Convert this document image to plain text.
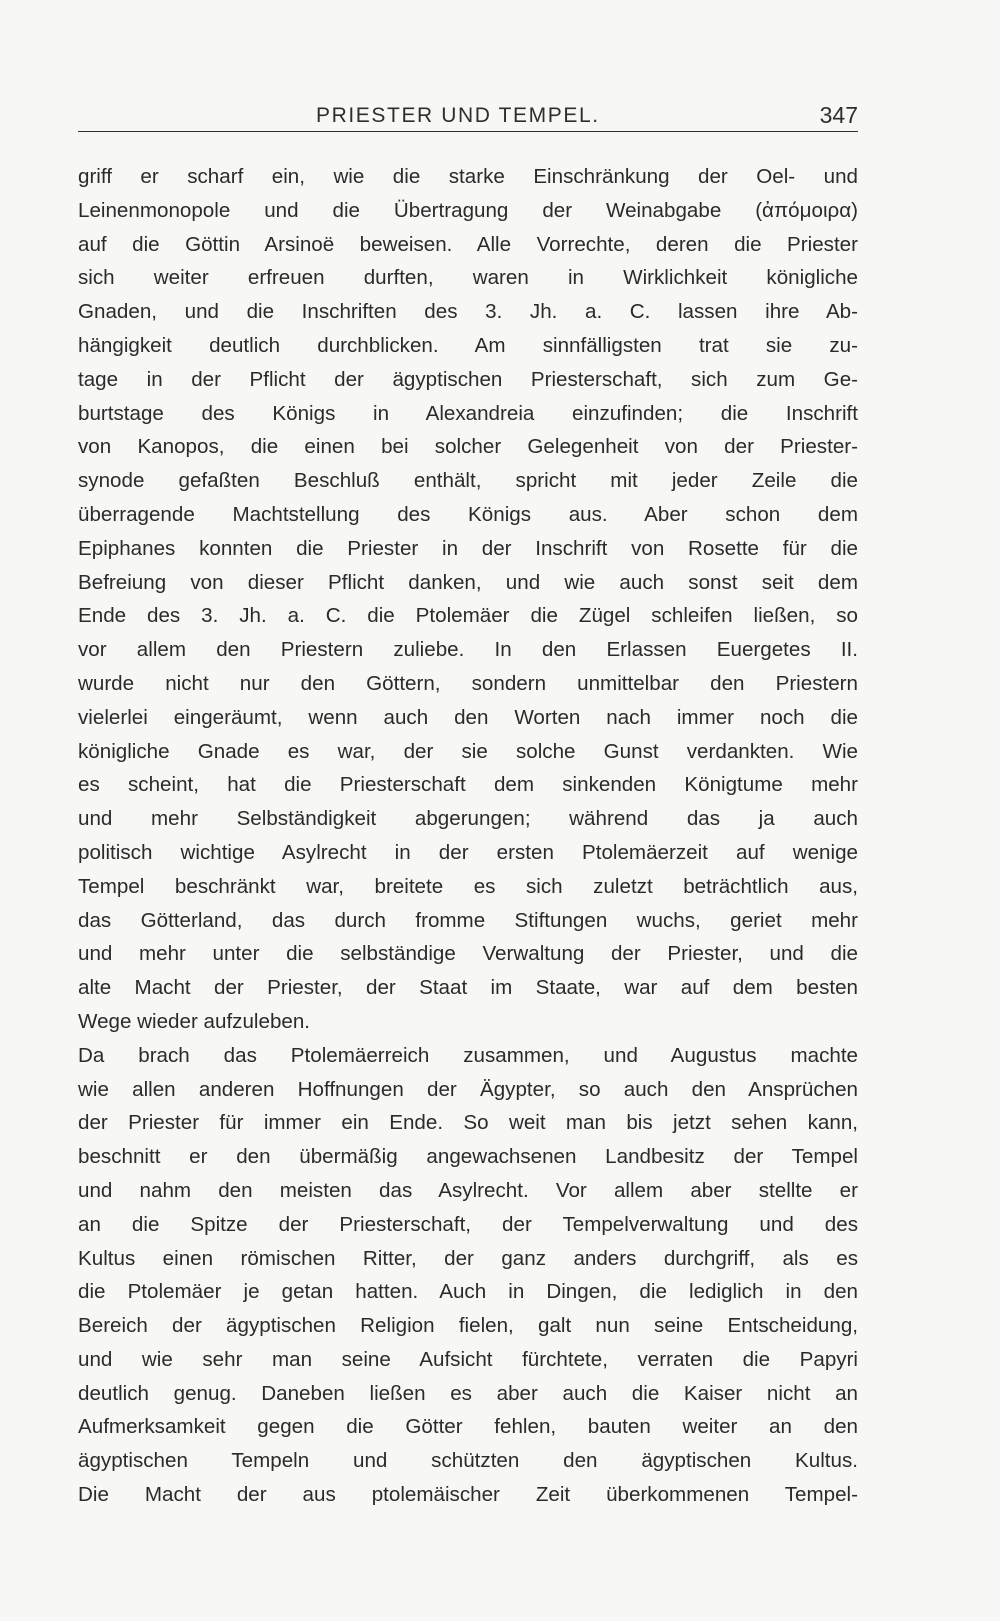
PRIESTER UND TEMPEL.	347
griff er scharf ein, wie die starke Einschränkung der Oel- und
Leinenmonopole und die Übertragung der Weinabgabe (ἀπόμοιρα)
auf die Göttin Arsinoë beweisen. Alle Vorrechte, deren die Priester
sich weiter erfreuen durften, waren in Wirklichkeit königliche
Gnaden, und die Inschriften des 3. Jh. a. C. lassen ihre Ab-
hängigkeit deutlich durchblicken. Am sinnfälligsten trat sie zu-
tage in der Pflicht der ägyptischen Priesterschaft, sich zum Ge-
burtstage des Königs in Alexandreia einzufinden; die Inschrift
von Kanopos, die einen bei solcher Gelegenheit von der Priester-
synode gefaßten Beschluß enthält, spricht mit jeder Zeile die
überragende Machtstellung des Königs aus. Aber schon dem
Epiphanes konnten die Priester in der Inschrift von Rosette für die
Befreiung von dieser Pflicht danken, und wie auch sonst seit dem
Ende des 3. Jh. a. C. die Ptolemäer die Zügel schleifen ließen, so
vor allem den Priestern zuliebe. In den Erlassen Euergetes II.
wurde nicht nur den Göttern, sondern unmittelbar den Priestern
vielerlei eingeräumt, wenn auch den Worten nach immer noch die
königliche Gnade es war, der sie solche Gunst verdankten. Wie
es scheint, hat die Priesterschaft dem sinkenden Königtume mehr
und mehr Selbständigkeit abgerungen; während das ja auch
politisch wichtige Asylrecht in der ersten Ptolemäerzeit auf wenige
Tempel beschränkt war, breitete es sich zuletzt beträchtlich aus,
das Götterland, das durch fromme Stiftungen wuchs, geriet mehr
und mehr unter die selbständige Verwaltung der Priester, und die
alte Macht der Priester, der Staat im Staate, war auf dem besten
Wege wieder aufzuleben.
Da brach das Ptolemäerreich zusammen, und Augustus machte
wie allen anderen Hoffnungen der Ägypter, so auch den Ansprüchen
der Priester für immer ein Ende. So weit man bis jetzt sehen kann,
beschnitt er den übermäßig angewachsenen Landbesitz der Tempel
und nahm den meisten das Asylrecht. Vor allem aber stellte er
an die Spitze der Priesterschaft, der Tempelverwaltung und des
Kultus einen römischen Ritter, der ganz anders durchgriff, als es
die Ptolemäer je getan hatten. Auch in Dingen, die lediglich in den
Bereich der ägyptischen Religion fielen, galt nun seine Entscheidung,
und wie sehr man seine Aufsicht fürchtete, verraten die Papyri
deutlich genug. Daneben ließen es aber auch die Kaiser nicht an
Aufmerksamkeit gegen die Götter fehlen, bauten weiter an den
ägyptischen Tempeln und schützten den ägyptischen Kultus.
Die Macht der aus ptolemäischer Zeit überkommenen Tempel-
